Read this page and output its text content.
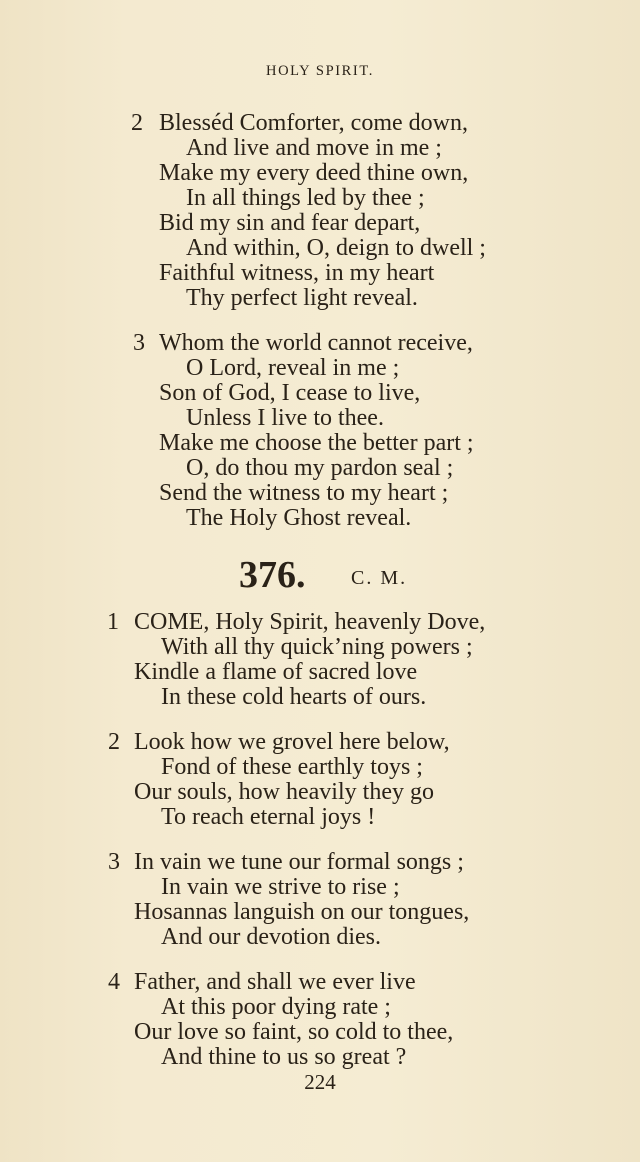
HOLY SPIRIT.
2 Blesséd Comforter, come down,
And live and move in me ;
Make my every deed thine own,
In all things led by thee ;
Bid my sin and fear depart,
And within, O, deign to dwell ;
Faithful witness, in my heart
Thy perfect light reveal.
3 Whom the world cannot receive,
O Lord, reveal in me ;
Son of God, I cease to live,
Unless I live to thee.
Make me choose the better part ;
O, do thou my pardon seal ;
Send the witness to my heart ;
The Holy Ghost reveal.
376. C. M.
1 COME, Holy Spirit, heavenly Dove,
With all thy quick’ning powers ;
Kindle a flame of sacred love
In these cold hearts of ours.
2 Look how we grovel here below,
Fond of these earthly toys ;
Our souls, how heavily they go
To reach eternal joys !
3 In vain we tune our formal songs ;
In vain we strive to rise ;
Hosannas languish on our tongues,
And our devotion dies.
4 Father, and shall we ever live
At this poor dying rate ;
Our love so faint, so cold to thee,
And thine to us so great ?
224
